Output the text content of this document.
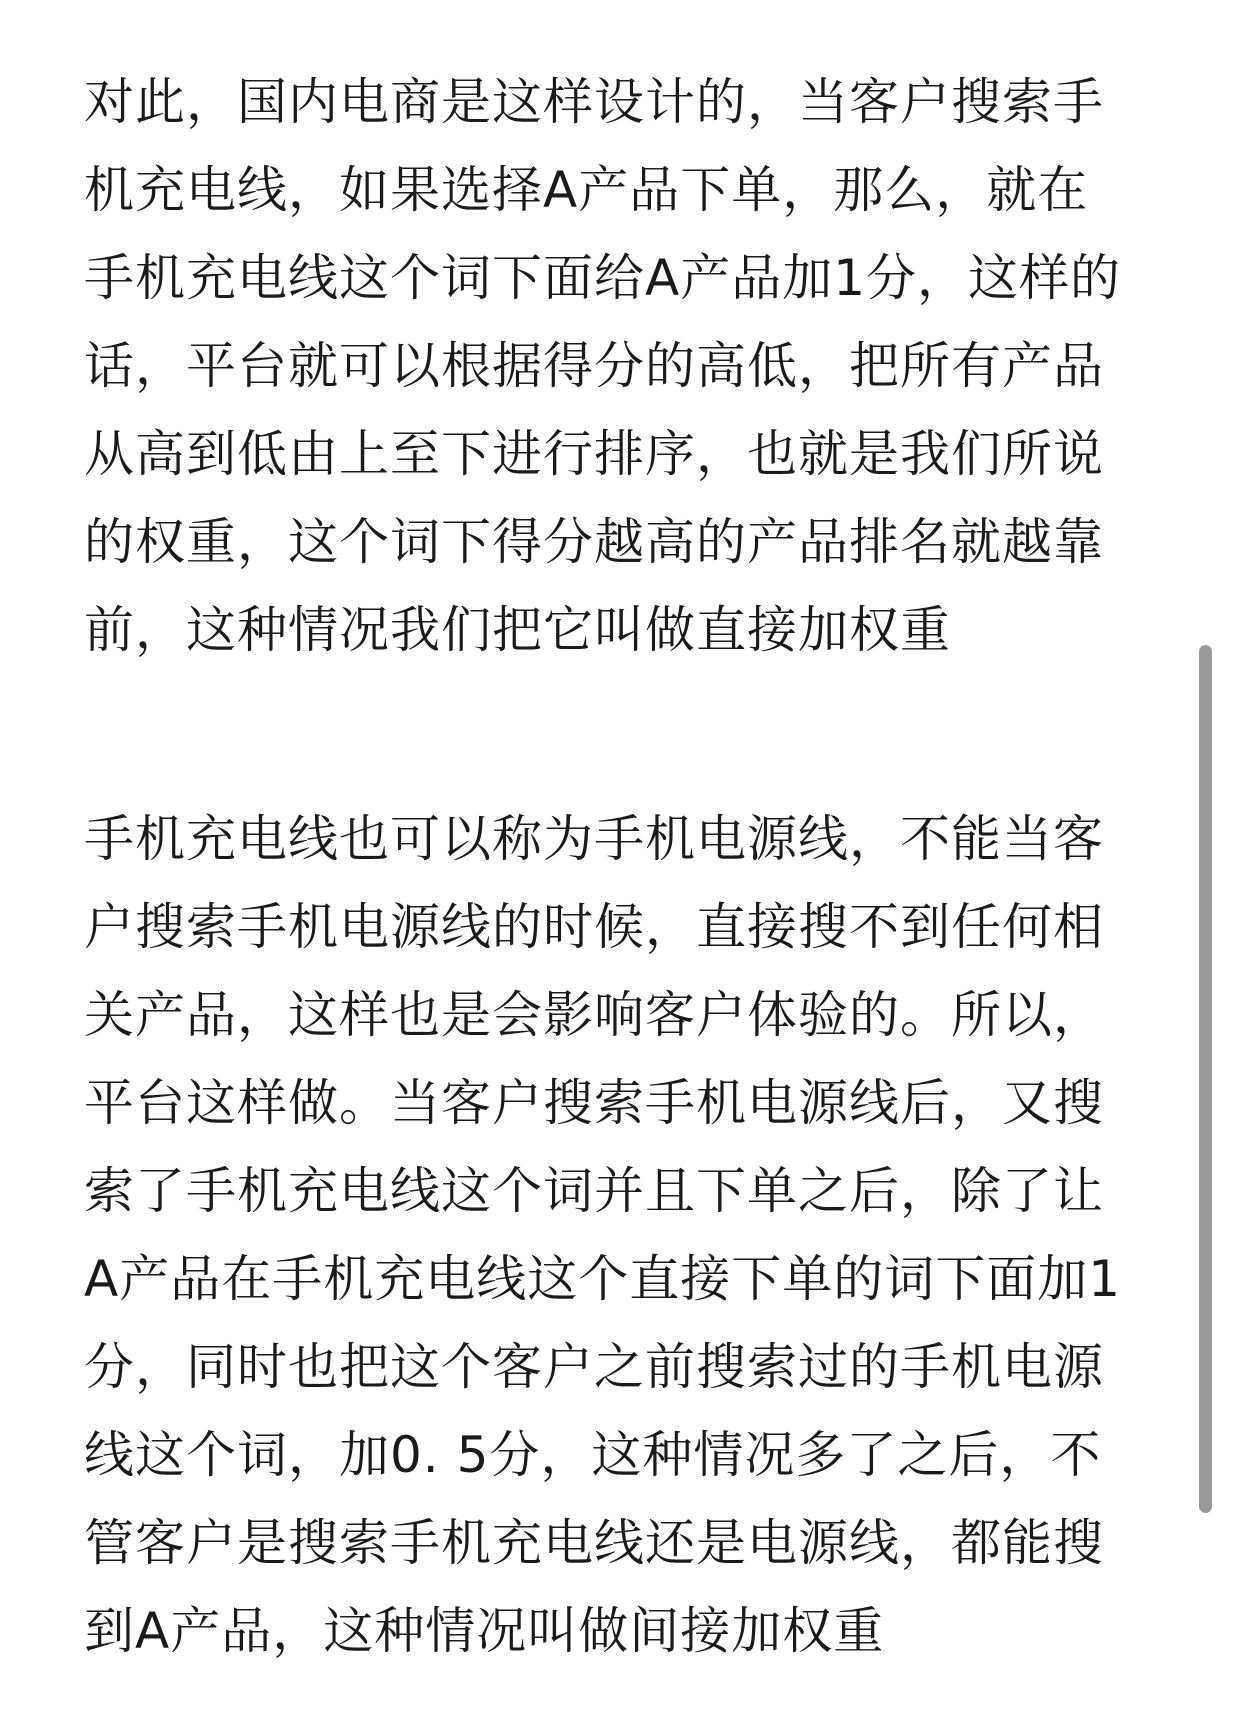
对此，国内电商是这样设计的，当客户搜索手
机充电线，如果选择A产品下单，那么，就在
手机充电线这个词下面给A产品加1分，这样的
话，平台就可以根据得分的高低，把所有产品
从高到低由上至下进行排序，也就是我们所说
的权重，这个词下得分越高的产品排名就越靠
前，这种情况我们把它叫做直接加权重
手机充电线也可以称为手机电源线，不能当客
户搜索手机电源线的时候，直接搜不到任何相
关产品，这样也是会影响客户体验的。所以，
平台这样做。当客户搜索手机电源线后，又搜
索了手机充电线这个词并且下单之后，除了让
A产品在手机充电线这个直接下单的词下面加1
分，同时也把这个客户之前搜索过的手机电源
线这个词，加0. 5分，这种情况多了之后，不
管客户是搜索手机充电线还是电源线，都能搜
到A产品，这种情况叫做间接加权重
